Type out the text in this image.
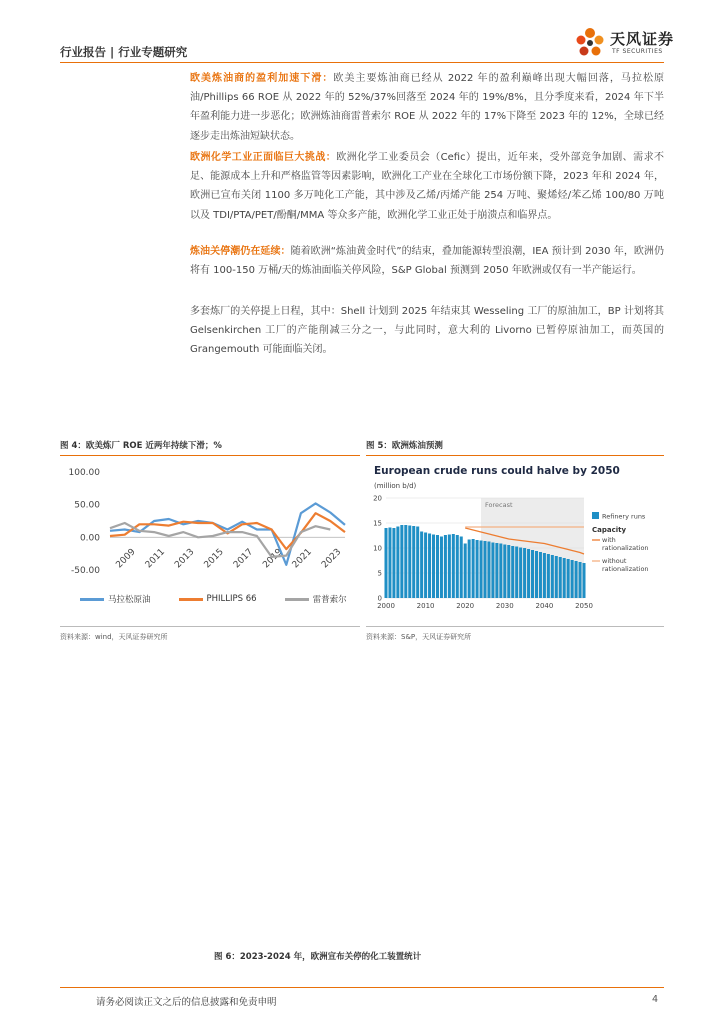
行业报告 | 行业专题研究
天风证券
TF SECURITIES

欧美炼油商的盈利加速下滑：欧美主要炼油商已经从 2022 年的盈利巅峰出现大幅回落，马拉松原油/Phillips 66 ROE 从 2022 年的 52%/37%回落至 2024 年的 19%/8%，且分季度来看，2024 年下半年盈利能力进一步恶化；欧洲炼油商雷普索尔 ROE 从 2022 年的 17%下降至 2023 年的 12%，全球已经逐步走出炼油短缺状态。

欧洲化学工业正面临巨大挑战：欧洲化学工业委员会（Cefic）提出，近年来，受外部竞争加剧、需求不足、能源成本上升和严格监管等因素影响，欧洲化工产业在全球化工市场份额下降，2023 年和 2024 年，欧洲已宣布关闭 1100 多万吨化工产能，其中涉及乙烯/丙烯产能 254 万吨、聚烯烃/苯乙烯 100/80 万吨以及 TDI/PTA/PET/酚酮/MMA 等众多产能，欧洲化学工业正处于崩溃点和临界点。

炼油关停潮仍在延续：随着欧洲“炼油黄金时代”的结束，叠加能源转型浪潮，IEA 预计到 2030 年，欧洲仍将有 100-150 万桶/天的炼油面临关停风险，S&P Global 预测到 2050 年欧洲或仅有一半产能运行。

多套炼厂的关停提上日程，其中：Shell 计划到 2025 年结束其 Wesseling 工厂的原油加工，BP 计划将其 Gelsenkirchen 工厂的产能削减三分之一，与此同时，意大利的 Livorno 已暂停原油加工，而英国的 Grangemouth 可能面临关闭。

图 4：欧美炼厂 ROE 近两年持续下滑；%
100.00
50.00
0.00
-50.00
2009 2011 2013 2015 2017 2019 2021 2023
马拉松原油	PHILLIPS 66	雷普索尔
资料来源：wind，天风证券研究所
图 5：欧洲炼油预测
European crude runs could halve by 2050
(million b/d)
Forecast
20
15
10
5
0
2000	2010	2020	2030	2040	2050
Refinery runs
Capacity
with
rationalization
without
rationalization
资料来源：S&P，天风证券研究所
图 6：2023-2024 年，欧洲宣布关停的化工装置统计
请务必阅读正文之后的信息披露和免责申明	4
